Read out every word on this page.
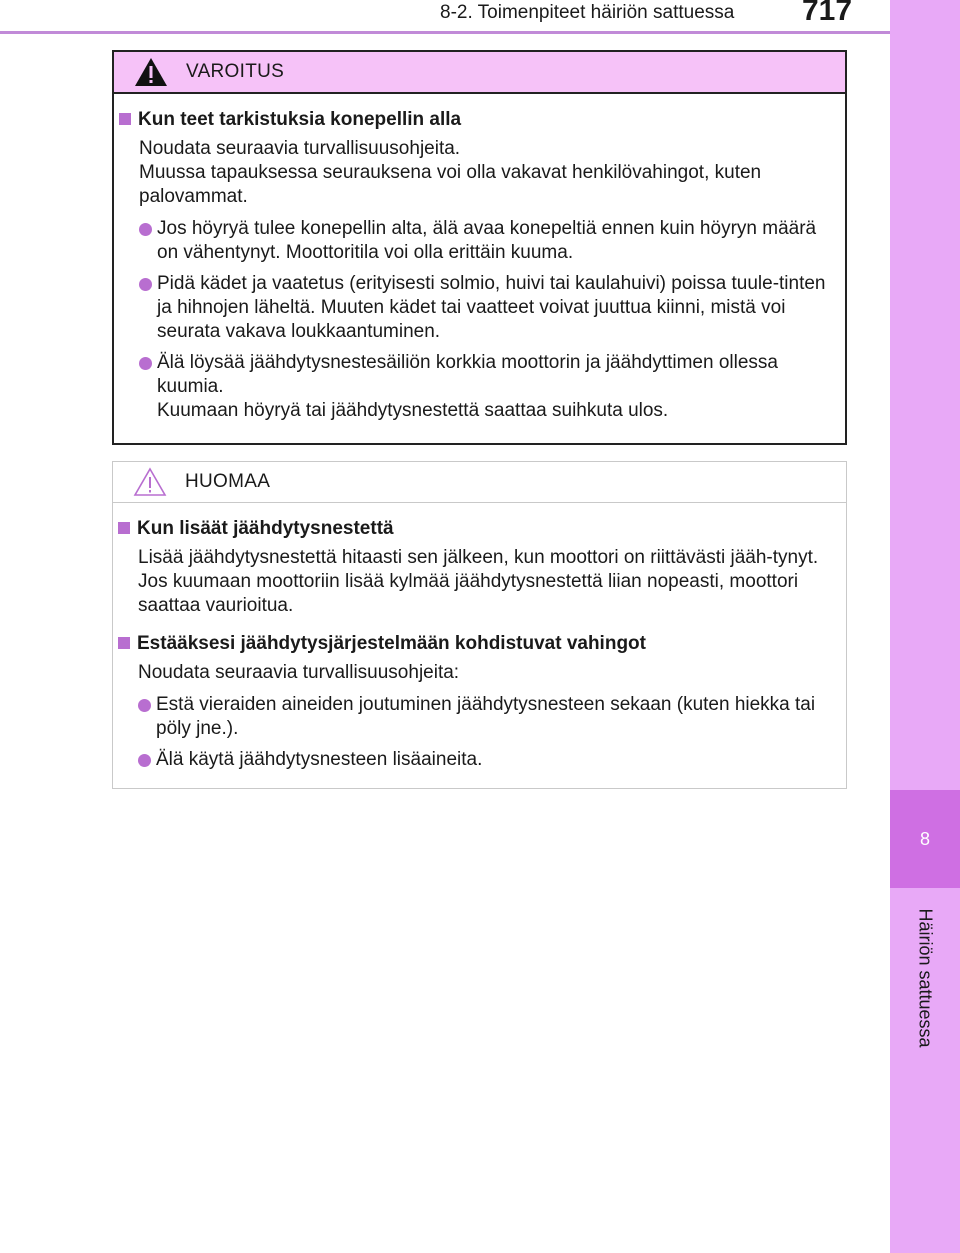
8-2. Toimenpiteet häiriön sattuessa 717
8
Häiriön sattuessa
VAROITUS
Kun teet tarkistuksia konepellin alla

Noudata seuraavia turvallisuusohjeita.

Muussa tapauksessa seurauksena voi olla vakavat henkilövahingot, kuten palovammat.

Jos höyryä tulee konepellin alta, älä avaa konepeltiä ennen kuin höyryn määrä on vähentynyt. Moottoritila voi olla erittäin kuuma.

Pidä kädet ja vaatetus (erityisesti solmio, huivi tai kaulahuivi) poissa tuule-tinten ja hihnojen läheltä. Muuten kädet tai vaatteet voivat juuttua kiinni, mistä voi seurata vakava loukkaantuminen.

Älä löysää jäähdytysnestesäiliön korkkia moottorin ja jäähdyttimen ollessa kuumia.

Kuumaan höyryä tai jäähdytysnestettä saattaa suihkuta ulos.

HUOMAA
Kun lisäät jäähdytysnestettä

Lisää jäähdytysnestettä hitaasti sen jälkeen, kun moottori on riittävästi jääh-tynyt. Jos kuumaan moottoriin lisää kylmää jäähdytysnestettä liian nopeasti, moottori saattaa vaurioitua.

Estääksesi jäähdytysjärjestelmään kohdistuvat vahingot

Noudata seuraavia turvallisuusohjeita:

Estä vieraiden aineiden joutuminen jäähdytysnesteen sekaan (kuten hiekka tai pöly jne.).

Älä käytä jäähdytysnesteen lisäaineita.
